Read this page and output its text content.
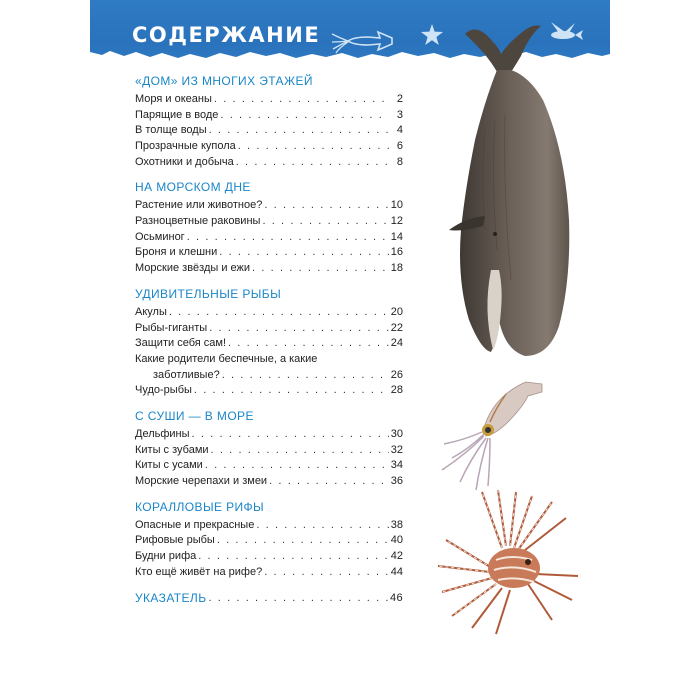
СОДЕРЖАНИЕ
«ДОМ» ИЗ МНОГИХ ЭТАЖЕЙ
Моря и океаны . . .	2
Парящие в воде . . .	3
В толще воды . . .	4
Прозрачные купола . . .	6
Охотники и добыча . . .	8
НА МОРСКОМ ДНЕ
Растение или животное? . . .	10
Разноцветные раковины . . .	12
Осьминог . . .	14
Броня и клешни . . .	16
Морские звёзды и ежи . . .	18
УДИВИТЕЛЬНЫЕ РЫБЫ
Акулы . . .	20
Рыбы-гиганты . . .	22
Защити себя сам! . . .	24
Какие родители беспечные, а какие
заботливые? . . .	26
Чудо-рыбы . . .	28
С СУШИ — В МОРЕ
Дельфины . . .	30
Киты с зубами . . .	32
Киты с усами . . .	34
Морские черепахи и змеи . . .	36
КОРАЛЛОВЫЕ РИФЫ
Опасные и прекрасные . . .	38
Рифовые рыбы . . .	40
Будни рифа . . .	42
Кто ещё живёт на рифе? . . .	44
УКАЗАТЕЛЬ . . .	46
